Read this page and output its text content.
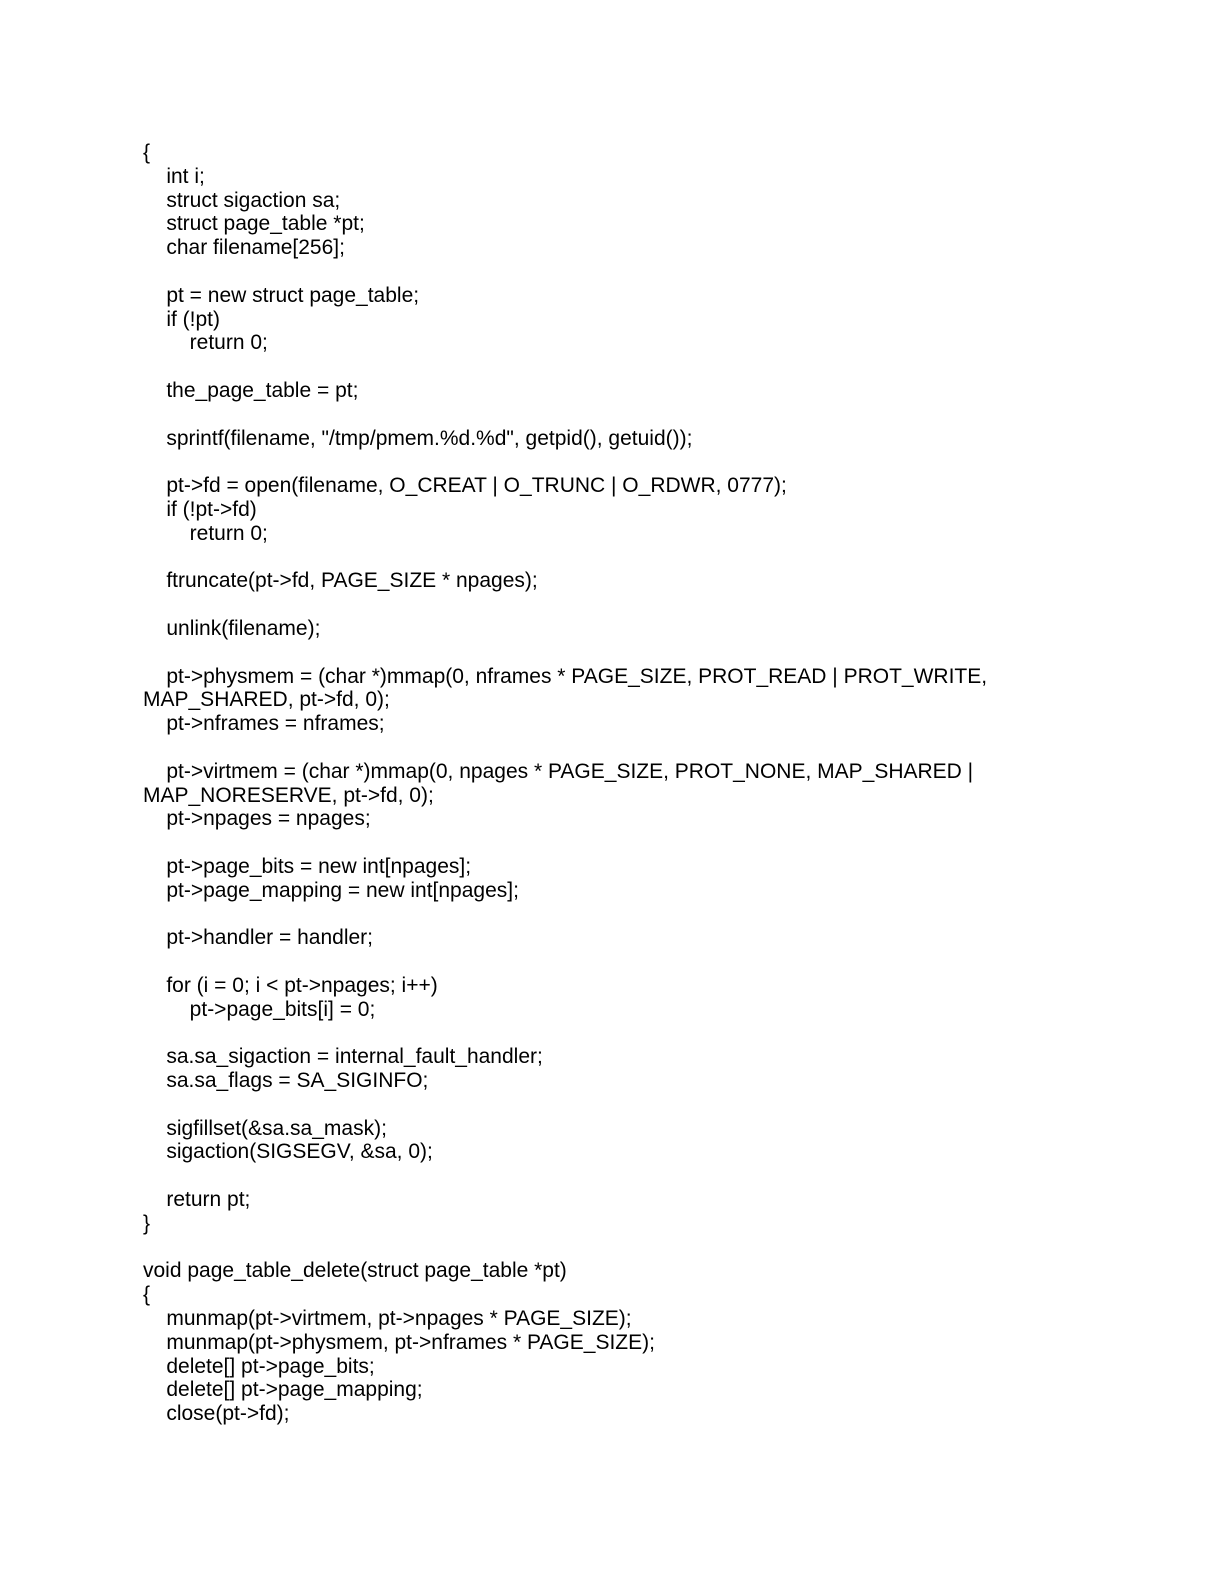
{
int i;
struct sigaction sa;
struct page_table *pt;
char filename[256];
pt = new struct page_table;
if (!pt)
return 0;
the_page_table = pt;
sprintf(filename, "/tmp/pmem.%d.%d", getpid(), getuid());
pt->fd = open(filename, O_CREAT | O_TRUNC | O_RDWR, 0777);
if (!pt->fd)
return 0;
ftruncate(pt->fd, PAGE_SIZE * npages);
unlink(filename);
pt->physmem = (char *)mmap(0, nframes * PAGE_SIZE, PROT_READ | PROT_WRITE,
MAP_SHARED, pt->fd, 0);
pt->nframes = nframes;
pt->virtmem = (char *)mmap(0, npages * PAGE_SIZE, PROT_NONE, MAP_SHARED |
MAP_NORESERVE, pt->fd, 0);
pt->npages = npages;
pt->page_bits = new int[npages];
pt->page_mapping = new int[npages];
pt->handler = handler;
for (i = 0; i < pt->npages; i++)
pt->page_bits[i] = 0;
sa.sa_sigaction = internal_fault_handler;
sa.sa_flags = SA_SIGINFO;
sigfillset(&sa.sa_mask);
sigaction(SIGSEGV, &sa, 0);
return pt;
}
void page_table_delete(struct page_table *pt)
{
munmap(pt->virtmem, pt->npages * PAGE_SIZE);
munmap(pt->physmem, pt->nframes * PAGE_SIZE);
delete[] pt->page_bits;
delete[] pt->page_mapping;
close(pt->fd);
